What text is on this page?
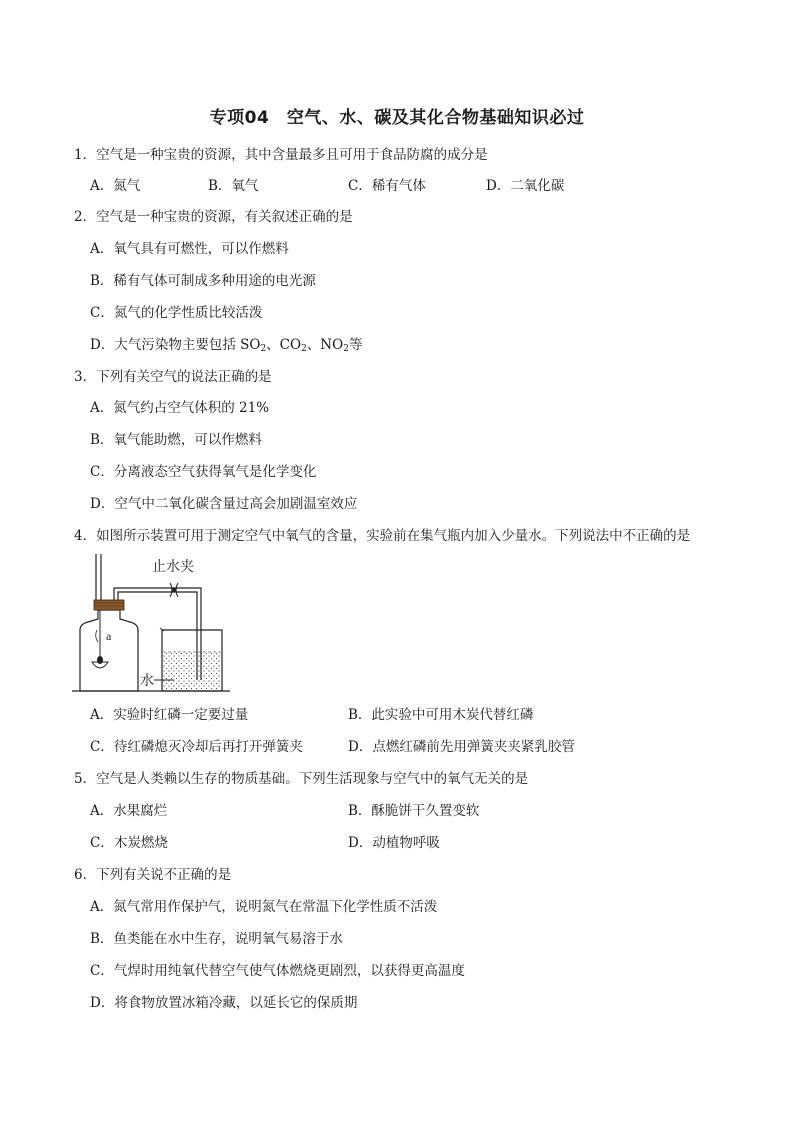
专项04　空气、水、碳及其化合物基础知识必过
1．空气是一种宝贵的资源，其中含量最多且可用于食品防腐的成分是
A．氮气	B．氧气	C．稀有气体	D．二氧化碳
2．空气是一种宝贵的资源，有关叙述正确的是
A．氧气具有可燃性，可以作燃料
B．稀有气体可制成多种用途的电光源
C．氮气的化学性质比较活泼
D．大气污染物主要包括 $SO_2$、$CO_2$、$NO_2$等
3．下列有关空气的说法正确的是
A．氮气约占空气体积的 21%
B．氧气能助燃，可以作燃料
C．分离液态空气获得氧气是化学变化
D．空气中二氧化碳含量过高会加剧温室效应
4．如图所示装置可用于测定空气中氧气的含量，实验前在集气瓶内加入少量水。下列说法中不正确的是
a
止水夹
水
A．实验时红磷一定要过量	B．此实验中可用木炭代替红磷
C．待红磷熄灭冷却后再打开弹簧夹	D．点燃红磷前先用弹簧夹夹紧乳胶管
5．空气是人类赖以生存的物质基础。下列生活现象与空气中的氧气无关的是
A．水果腐烂	B．酥脆饼干久置变软
C．木炭燃烧	D．动植物呼吸
6．下列有关说不正确的是
A．氮气常用作保护气，说明氮气在常温下化学性质不活泼
B．鱼类能在水中生存，说明氧气易溶于水
C．气焊时用纯氧代替空气使气体燃烧更剧烈，以获得更高温度
D．将食物放置冰箱冷藏，以延长它的保质期
